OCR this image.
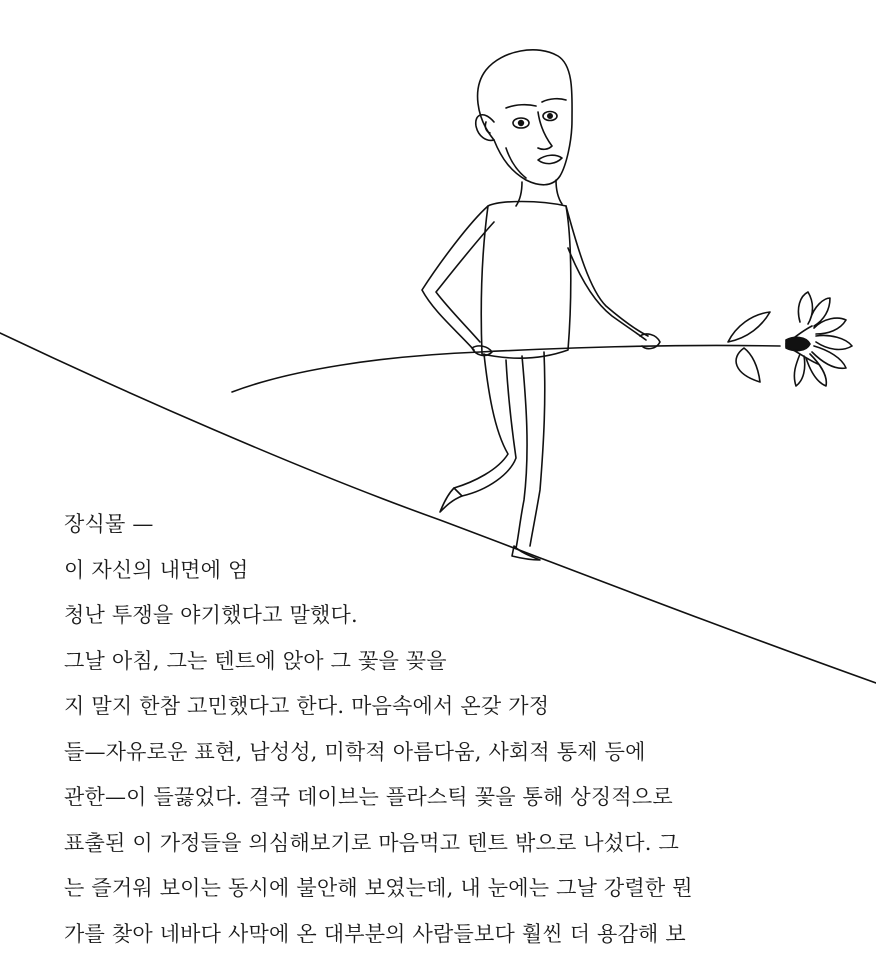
장식물 —
이 자신의 내면에 엄
청난 투쟁을 야기했다고 말했다.
그날 아침, 그는 텐트에 앉아 그 꽃을 꽂을
지 말지 한참 고민했다고 한다. 마음속에서 온갖 가정
들—자유로운 표현, 남성성, 미학적 아름다움, 사회적 통제 등에
관한—이 들끓었다. 결국 데이브는 플라스틱 꽃을 통해 상징적으로
표출된 이 가정들을 의심해보기로 마음먹고 텐트 밖으로 나섰다. 그
는 즐거워 보이는 동시에 불안해 보였는데, 내 눈에는 그날 강렬한 뭔
가를 찾아 네바다 사막에 온 대부분의 사람들보다 훨씬 더 용감해 보
